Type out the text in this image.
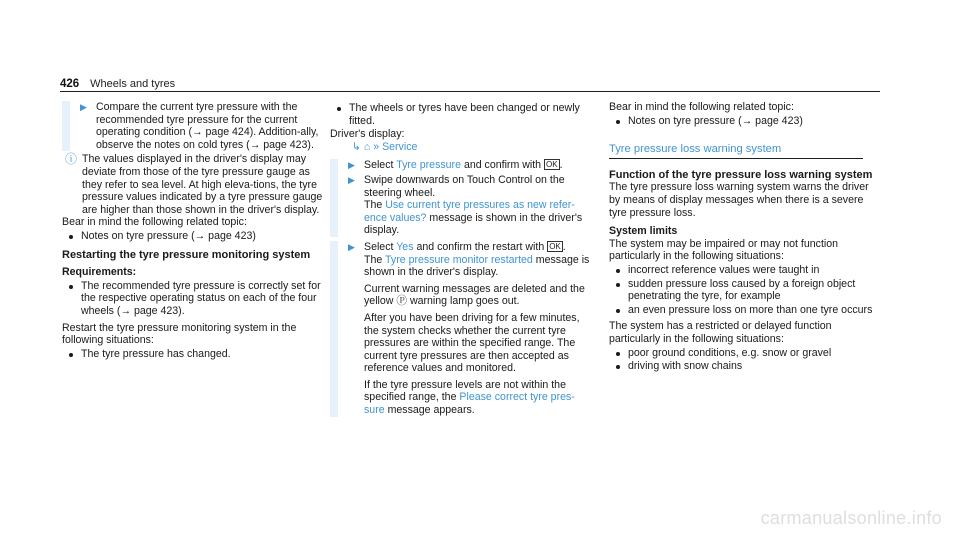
426 Wheels and tyres
▶ Compare the current tyre pressure with the recommended tyre pressure for the current operating condition (→ page 424). Addition-ally, observe the notes on cold tyres (→ page 423).
ⓘ The values displayed in the driver's display may deviate from those of the tyre pressure gauge as they refer to sea level. At high eleva-tions, the tyre pressure values indicated by a tyre pressure gauge are higher than those shown in the driver's display.

Bear in mind the following related topic:

Notes on tyre pressure (→ page 423)

Restarting the tyre pressure monitoring system

Requirements:

The recommended tyre pressure is correctly set for the respective operating status on each of the four wheels (→ page 423).

Restart the tyre pressure monitoring system in the following situations:

The tyre pressure has changed.
The wheels or tyres have been changed or newly fitted.

Driver's display:

↳ ⌂ » Service

▶ Select Tyre pressure and confirm with OK .
▶ Swipe downwards on Touch Control on the steering wheel.
The Use current tyre pressures as new refer-ence values? message is shown in the driver's display.
▶ Select Yes and confirm the restart with OK .
The Tyre pressure monitor restarted message is shown in the driver's display.

Current warning messages are deleted and the yellow Ⓟ warning lamp goes out.

After you have been driving for a few minutes, the system checks whether the current tyre pressures are within the specified range. The current tyre pressures are then accepted as reference values and monitored.

If the tyre pressure levels are not within the specified range, the Please correct tyre pres-sure message appears.

Bear in mind the following related topic:

Notes on tyre pressure (→ page 423)
Tyre pressure loss warning system

Function of the tyre pressure loss warning system

The tyre pressure loss warning system warns the driver by means of display messages when there is a severe tyre pressure loss.

System limits

The system may be impaired or may not function particularly in the following situations:

incorrect reference values were taught in
sudden pressure loss caused by a foreign object penetrating the tyre, for example
an even pressure loss on more than one tyre occurs

The system has a restricted or delayed function particularly in the following situations:

poor ground conditions, e.g. snow or gravel
driving with snow chains
carmanualsonline.info
